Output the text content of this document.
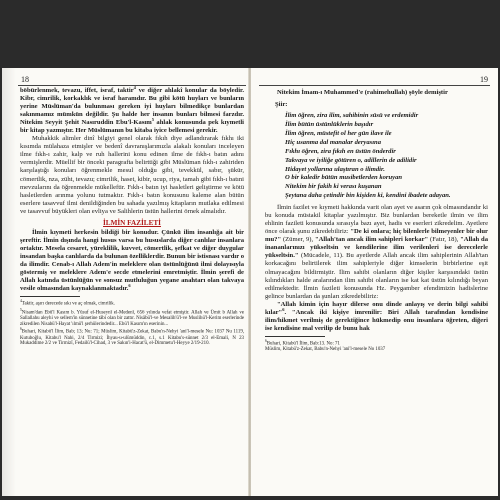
18

böbürlenmek, tevazu, iffet, israf, taktir$^4$ ve diğer ahlakî konular da böyledir. Kibr, cimrilik, korkaklık ve israf haramdır. Bu gibi kötü huyları ve bunların yerine Müslüman'da bulunması gereken iyi huyları bilmedikçe bunlardan sakınmamız mümkün değildir. Şu halde her insanın bunları bilmesi farzdır. Nitekim Seyyit Şehit Nasıruddin Ebu'l-Kasım$^5$ ahlak konusunda pek kıymetli bir kitap yazmıştır. Her Müslümanın bu kitaba iyice bellemesi gerekir.

Muhakkik alimler dinî bilgiyi genel olarak fıkıh diye adlandırarak fıkhı iki kısımda mülahaza etmişler ve bedenî davranışlarımızla alakalı konuları inceleyen ilme fıkh-ı zahir, kalp ve ruh hallerini konu edinen ilme de fıkh-ı batın adını vermişlerdir. Müellif bir önceki paragrafta belirttiği gibi Müslüman fıkh-ı zahiriden karşılaştığı konuları öğrenmekle mesul olduğu gibi, tevekkül, sabır, şükür, cömertlik, nza, züht, tevazu; cimrilik, haset, kibir, ucup, riya, tamah gibi fıkh-ı batıni mevzularını da öğrenmekle mükelleftir. Fıkh-ı batın iyi hasletleri geliştirme ve kötü hasletlerden arınma yolunu tutmaktır. Fıkh-ı batın konusunu kaleme alan bütün eserlere tasavvuf ilmi denildiğinden bu sahada yazılmış kitapların mutlaka edilmesi ve tasavvuf büyükleri olan evliya ve Salihlerin üstün hallerini örnek almalıdır.

İLMİN FAZİLETİ

İlmin kıymeti herkesin bildiği bir konudur. Çünkü ilim insanlığa ait bir şereftir. İlmin dışında hangi husus varsa bu hususlarda diğer canlılar insanlara ortaktır. Mesela cesaret, yüreklilik, kuvvet, cömertlik, şefkat ve diğer duygular insandan başka canlılarda da bulunan özelliklerdir. Bunun bir istisnası vardır o da ilimdir. Cenab-ı Allah Adem'in meleklere olan üstünlüğünü ilmi dolayısıyla göstermiş ve meleklere Adem'e secde etmelerini emretmiştir. İlmin şerefi de Allah katında üstünlüğün ve sonsuz mutluluğun yegane anahtarı olan takvaya vesile olmasından kaynaklanmaktadır.$^6$

$^4$Taktir, aşırı derecede sıkı ve aç olmak, cimrilik.
$^5$Nisam'dan Ebû'l Kasım b. Yûsuf el-Huseynî el-Medenî, 656 yılında vefat etmiştir. Allah ve Ümit b Allah ve Sallallahu aleyhi ve sellem'in sünnetine tâbi olan bir zattır. Nisâbü'l-ve Mesalih'ü'l-ve Muslihü'l-Kerim eserlerinde zikredilen Nisabü'l-Hayat 'ılmü'l şerhülerindedir... Ebü'l Kasım'ın eserinin...
$^6$Buhari, Kitabü'l İlim, Bab; 13; Nu: 71; Müslim, Kitabü'z-Zekat, Babu'n-Nehyi 'ani'l-mesele Nu: 1037 Nu 1119, Kutuboğlu, Kitabu'l Nahi, 2/4 Tirmizi; İhyau-u-ulümüddin, c.1, s.1 Kitabu's-sünnet 2/3 el-Emali, N 23 Mukaddime 2/2 ve Tirmizî, Fedailü'l-Cihad, 3 ve Sakın'i-Hacat'ü, el-Dimmetu'l-Heyye 2/19-210.
19

Nitekim İmam-ı Muhammed'e (rahimehullah) şöyle demiştir

Şiir:
İlim öğren, zira ilim, sahibinin süsü ve erdemidir
İlim bütün üstünlüklerin başıdır
İlim öğren, müstefit ol her gün ilave ile
Hiç usanma dal manalar deryasına
Fıkhı öğren, zira fıkıh en üstün önderdir
Takvaya ve iyiliğe götüren o, adillerin de adilidir
Hidayet yollarına ulaştıran o ilimdir.
O bir kaledir bütün musibetlerden koruyan
Nitekim bir fakih ki verası kuşanan
Şeytana daha çetindir bin kişiden ki, kendini ibadete adayan.

İlmin fazilet ve kıymeti hakkında varit olan ayet ve asarın çok olmasındandır ki bu konuda müstakil kitaplar yazılmıştır. Biz bunlardan bereketle ilmin ve ilim ehlinin fazileti konusunda sırasıyla bazı ayet, hadis ve eserleri zikredelim. Ayetlere önce olarak şunu zikredebiliriz: "De ki onlara; hiç bilenlerle bilmeyenler bir olur mu?" (Zümer, 9), "Allah'tan ancak ilim sahipleri korkar" (Fatır, 18), "Allah da inananlarınızı yükseltsin ve kendilerine ilim verilenleri ise derecelerle yükseltsin." (Mücadele, 11). Bu ayetlerde Allah ancak ilim sahiplerinin Allah'tan korkacağını belirtilerek ilim sahipleriyle diğer kimselerin birbirlerine eşit olmayacağını bildirmiştir. İlim sahibi olanların diğer kişiler karşısındaki üstün kılındıkları halde aralarından ilim sahibi olanların ise kat kat üstün kılındığı beyan edilmektedir. İlmin fazileti konusunda Hz. Peygamber efendimizin hadislerine gelince bunlardan da şunları zikredebiliriz:

"Allah kimin için hayır dilerse onu dinde anlayış ve derin bilgi sahibi kılar"$^6$. "Ancak iki kişiye imrenilir: Biri Allah tarafından kendisine ilim/hikmet verilmiş de gerektiğince hükmedip onu insanlara öğreten, diğeri ise kendisine mal verilip de bunu hak

$^6$Buhari, Kitabü'l İlim, Bab:13. No: 71
Müslim, Kitabü'z-Zekat, Babu'n-Nehyi 'ani'l-mesele No 1037
